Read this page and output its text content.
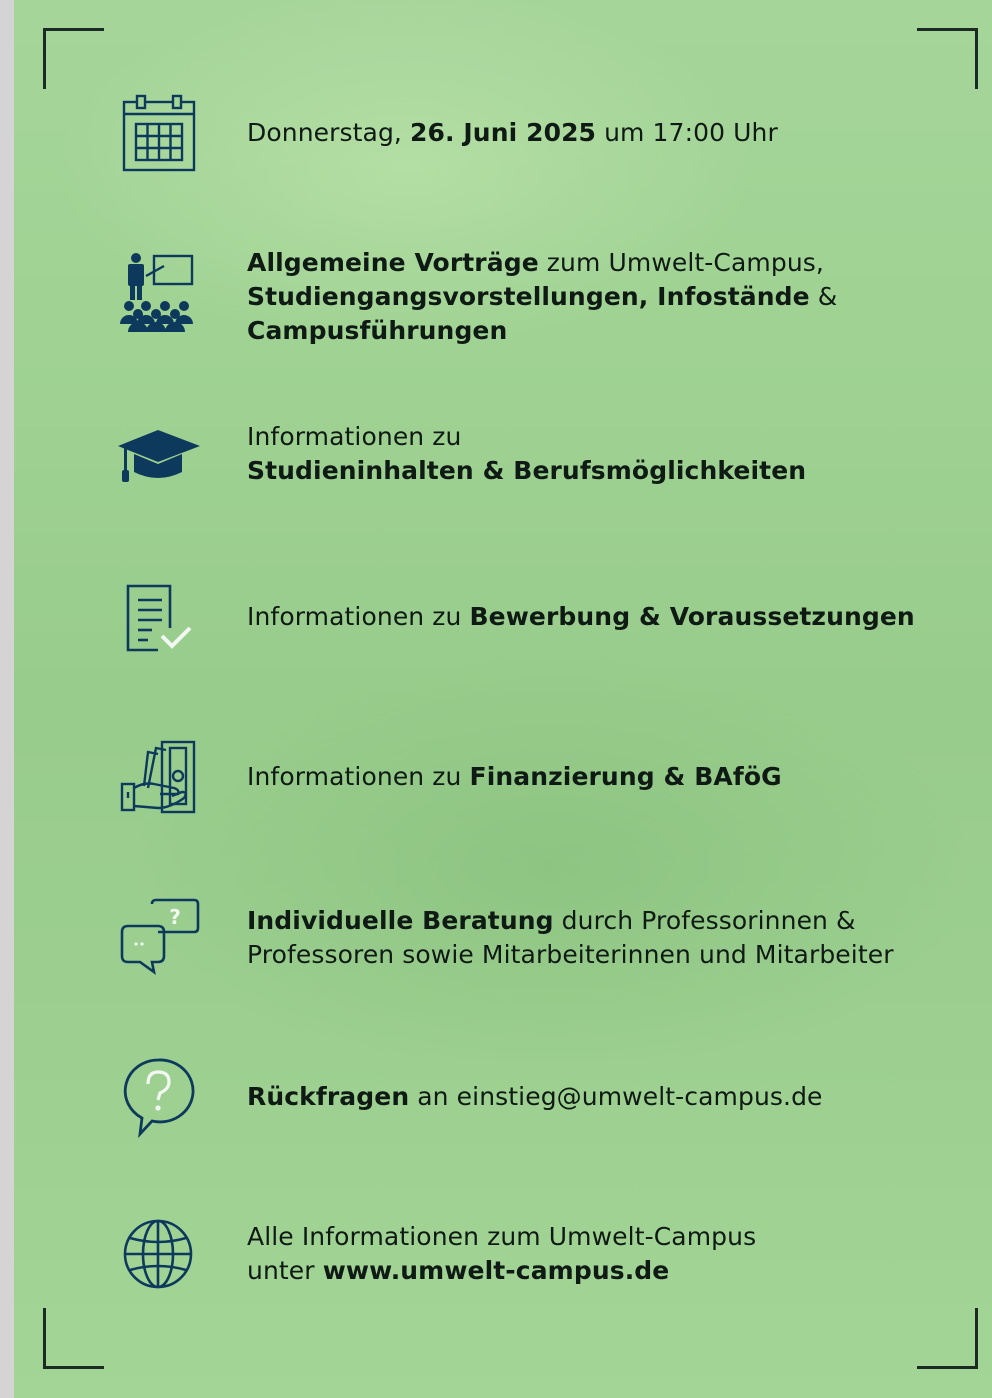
Donnerstag, 26. Juni 2025 um 17:00 Uhr
Allgemeine Vorträge zum Umwelt-Campus,
Studiengangsvorstellungen, Infostände &
Campusführungen
Informationen zu
Studieninhalten & Berufsmöglichkeiten
Informationen zu Bewerbung & Voraussetzungen
Informationen zu Finanzierung & BAföG
?	Individuelle Beratung durch Professorinnen &
Professoren sowie Mitarbeiterinnen und Mitarbeiter
Rückfragen an einstieg@umwelt-campus.de
Alle Informationen zum Umwelt-Campus
unter www.umwelt-campus.de
